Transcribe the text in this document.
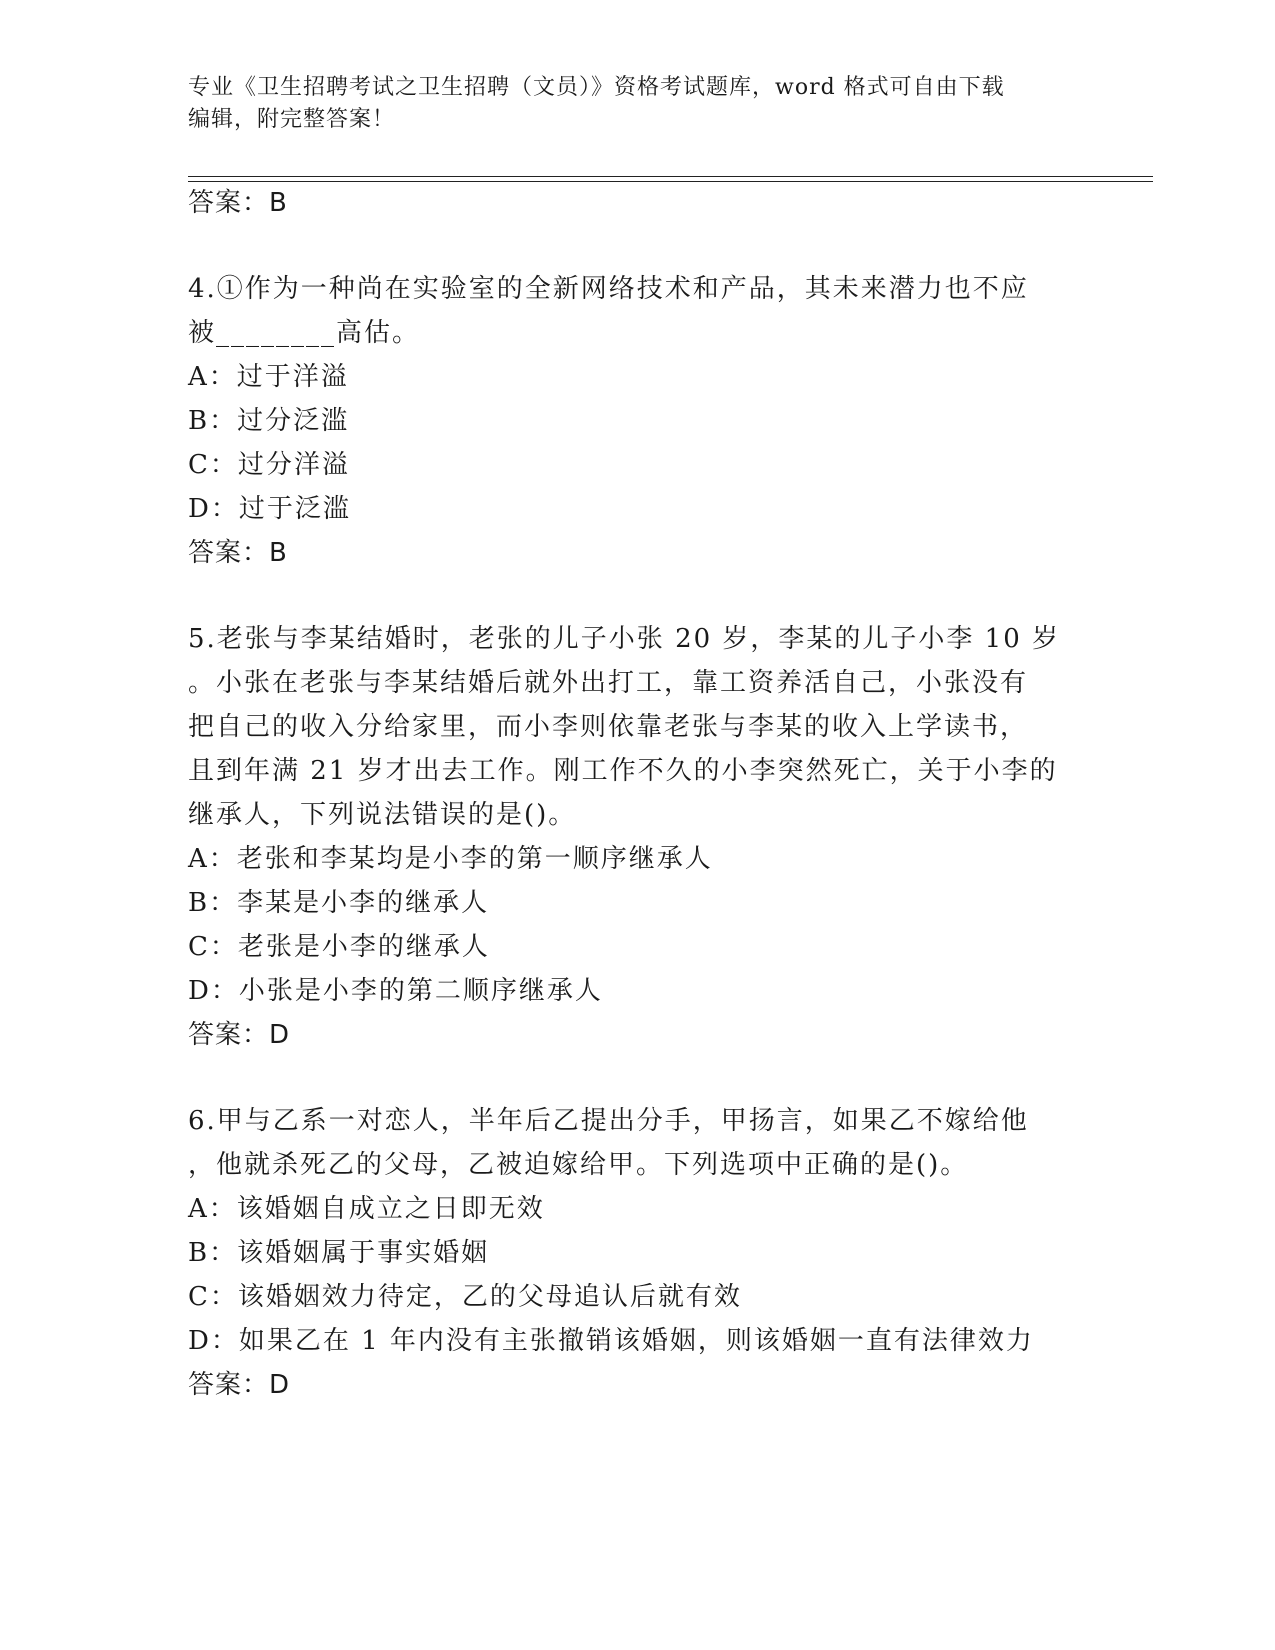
专业《卫生招聘考试之卫生招聘（文员）》资格考试题库，word 格式可自由下载
编辑，附完整答案！
答案：B
4.①作为一种尚在实验室的全新网络技术和产品，其未来潜力也不应
被________高估。
A：过于洋溢
B：过分泛滥
C：过分洋溢
D：过于泛滥
答案：B
5.老张与李某结婚时，老张的儿子小张 20 岁，李某的儿子小李 10 岁
。小张在老张与李某结婚后就外出打工，靠工资养活自己，小张没有
把自己的收入分给家里，而小李则依靠老张与李某的收入上学读书，
且到年满 21 岁才出去工作。刚工作不久的小李突然死亡，关于小李的
继承人，下列说法错误的是()。
A：老张和李某均是小李的第一顺序继承人
B：李某是小李的继承人
C：老张是小李的继承人
D：小张是小李的第二顺序继承人
答案：D
6.甲与乙系一对恋人，半年后乙提出分手，甲扬言，如果乙不嫁给他
，他就杀死乙的父母，乙被迫嫁给甲。下列选项中正确的是()。
A：该婚姻自成立之日即无效
B：该婚姻属于事实婚姻
C：该婚姻效力待定，乙的父母追认后就有效
D：如果乙在 1 年内没有主张撤销该婚姻，则该婚姻一直有法律效力
答案：D
